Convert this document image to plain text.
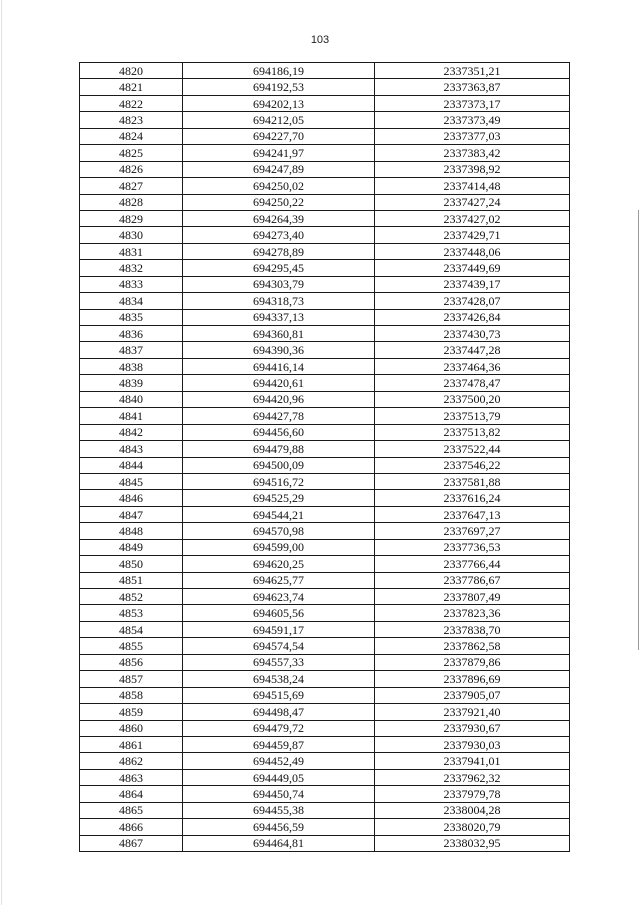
103
4820	694186,19	2337351,21
4821	694192,53	2337363,87
4822	694202,13	2337373,17
4823	694212,05	2337373,49
4824	694227,70	2337377,03
4825	694241,97	2337383,42
4826	694247,89	2337398,92
4827	694250,02	2337414,48
4828	694250,22	2337427,24
4829	694264,39	2337427,02
4830	694273,40	2337429,71
4831	694278,89	2337448,06
4832	694295,45	2337449,69
4833	694303,79	2337439,17
4834	694318,73	2337428,07
4835	694337,13	2337426,84
4836	694360,81	2337430,73
4837	694390,36	2337447,28
4838	694416,14	2337464,36
4839	694420,61	2337478,47
4840	694420,96	2337500,20
4841	694427,78	2337513,79
4842	694456,60	2337513,82
4843	694479,88	2337522,44
4844	694500,09	2337546,22
4845	694516,72	2337581,88
4846	694525,29	2337616,24
4847	694544,21	2337647,13
4848	694570,98	2337697,27
4849	694599,00	2337736,53
4850	694620,25	2337766,44
4851	694625,77	2337786,67
4852	694623,74	2337807,49
4853	694605,56	2337823,36
4854	694591,17	2337838,70
4855	694574,54	2337862,58
4856	694557,33	2337879,86
4857	694538,24	2337896,69
4858	694515,69	2337905,07
4859	694498,47	2337921,40
4860	694479,72	2337930,67
4861	694459,87	2337930,03
4862	694452,49	2337941,01
4863	694449,05	2337962,32
4864	694450,74	2337979,78
4865	694455,38	2338004,28
4866	694456,59	2338020,79
4867	694464,81	2338032,95
